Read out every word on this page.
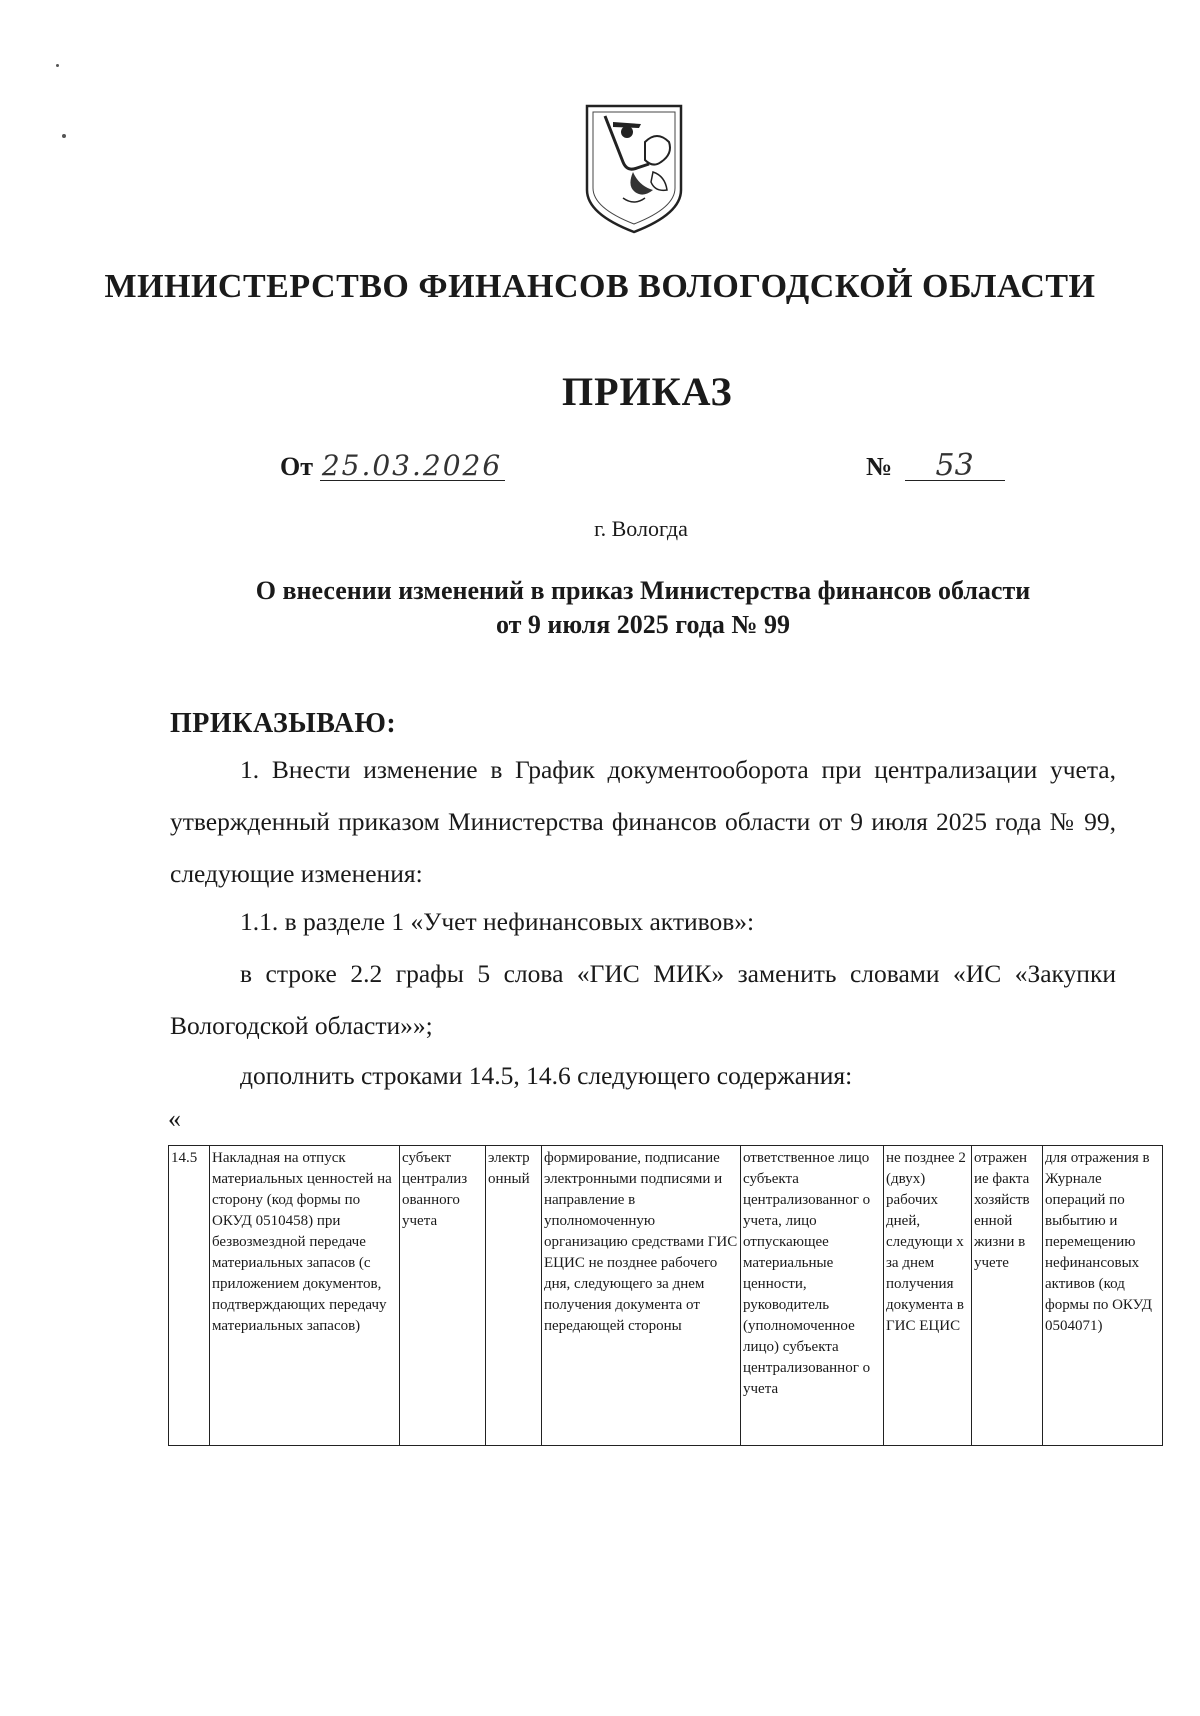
МИНИСТЕРСТВО ФИНАНСОВ ВОЛОГОДСКОЙ ОБЛАСТИ
ПРИКАЗ
От 25.03.2026	№ 53
г. Вологда
О внесении изменений в приказ Министерства финансов области
от 9 июля 2025 года № 99
ПРИКАЗЫВАЮ:
1. Внести изменение в График документооборота при централизации учета, утвержденный приказом Министерства финансов области от 9 июля 2025 года № 99, следующие изменения:
1.1. в разделе 1 «Учет нефинансовых активов»:
в строке 2.2 графы 5 слова «ГИС МИК» заменить словами «ИС «Закупки Вологодской области»»;
дополнить строками 14.5, 14.6 следующего содержания:
«
14.5	Накладная на отпуск материальных ценностей на сторону (код формы по ОКУД 0510458) при безвозмездной передаче материальных запасов (с приложением документов, подтверждающих передачу материальных запасов)	субъект централиз ованного учета	электр онный	формирование, подписание электронными подписями и направление в уполномоченную организацию средствами ГИС ЕЦИС не позднее рабочего дня, следующего за днем получения документа от передающей стороны	ответственное лицо субъекта централизованног о учета, лицо отпускающее материальные ценности, руководитель (уполномоченное лицо) субъекта централизованног о учета	не позднее 2 (двух) рабочих дней, следующи х за днем получения документа в ГИС ЕЦИС	отражен ие факта хозяйств енной жизни в учете	для отражения в Журнале операций по выбытию и перемещению нефинансовых активов (код формы по ОКУД 0504071)
